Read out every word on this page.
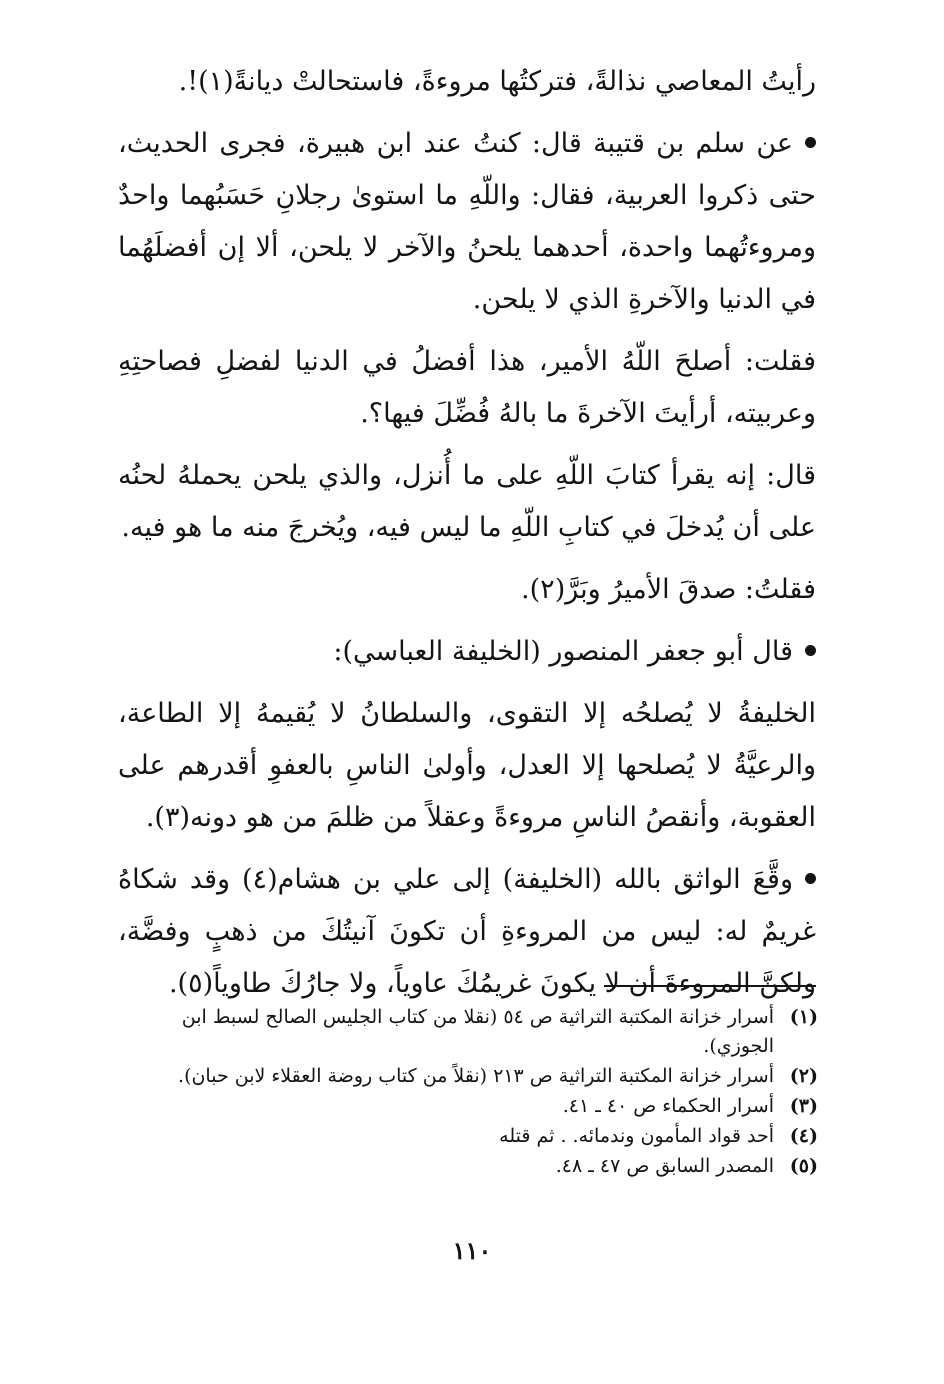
رأيتُ المعاصي نذالةً، فتركتُها مروءةً، فاستحالتْ ديانةً(١)!.

عن سلم بن قتيبة قال: كنتُ عند ابن هبيرة، فجرى الحديث، حتى ذكروا العربية، فقال: واللّهِ ما استوىٰ رجلانِ حَسَبُهما واحدٌ ومروءتُهما واحدة، أحدهما يلحنُ والآخر لا يلحن، ألا إن أفضلَهُما في الدنيا والآخرةِ الذي لا يلحن.

فقلت: أصلحَ اللّهُ الأمير، هذا أفضلُ في الدنيا لفضلِ فصاحتِهِ وعربيته، أرأيتَ الآخرةَ ما بالهُ فُضِّلَ فيها؟.

قال: إنه يقرأ كتابَ اللّهِ على ما أُنزل، والذي يلحن يحملهُ لحنُه على أن يُدخلَ في كتابِ اللّهِ ما ليس فيه، ويُخرجَ منه ما هو فيه.

فقلتُ: صدقَ الأميرُ وبَرَّ(٢).

قال أبو جعفر المنصور (الخليفة العباسي):

الخليفةُ لا يُصلحُه إلا التقوى، والسلطانُ لا يُقيمهُ إلا الطاعة، والرعيَّةُ لا يُصلحها إلا العدل، وأولىٰ الناسِ بالعفوِ أقدرهم على العقوبة، وأنقصُ الناسِ مروءةً وعقلاً من ظلمَ من هو دونه(٣).

وقَّعَ الواثق بالله (الخليفة) إلى علي بن هشام(٤) وقد شكاهُ غريمٌ له: ليس من المروءةِ أن تكونَ آنيتُكَ من ذهبٍ وفضَّة، ولكنَّ المروءةَ أن لا يكونَ غريمُكَ عاوياً، ولا جارُكَ طاوياً(٥).

(١)
أسرار خزانة المكتبة التراثية ص ٥٤ (نقلا من كتاب الجليس الصالح لسبط ابن الجوزي).
(٢)
أسرار خزانة المكتبة التراثية ص ٢١٣ (نقلاً من كتاب روضة العقلاء لابن حبان).
(٣)
أسرار الحكماء ص ٤٠ ـ ٤١.
(٤)
أحد قواد المأمون وندمائه. . ثم قتله
(٥)
المصدر السابق ص ٤٧ ـ ٤٨.
١١٠
